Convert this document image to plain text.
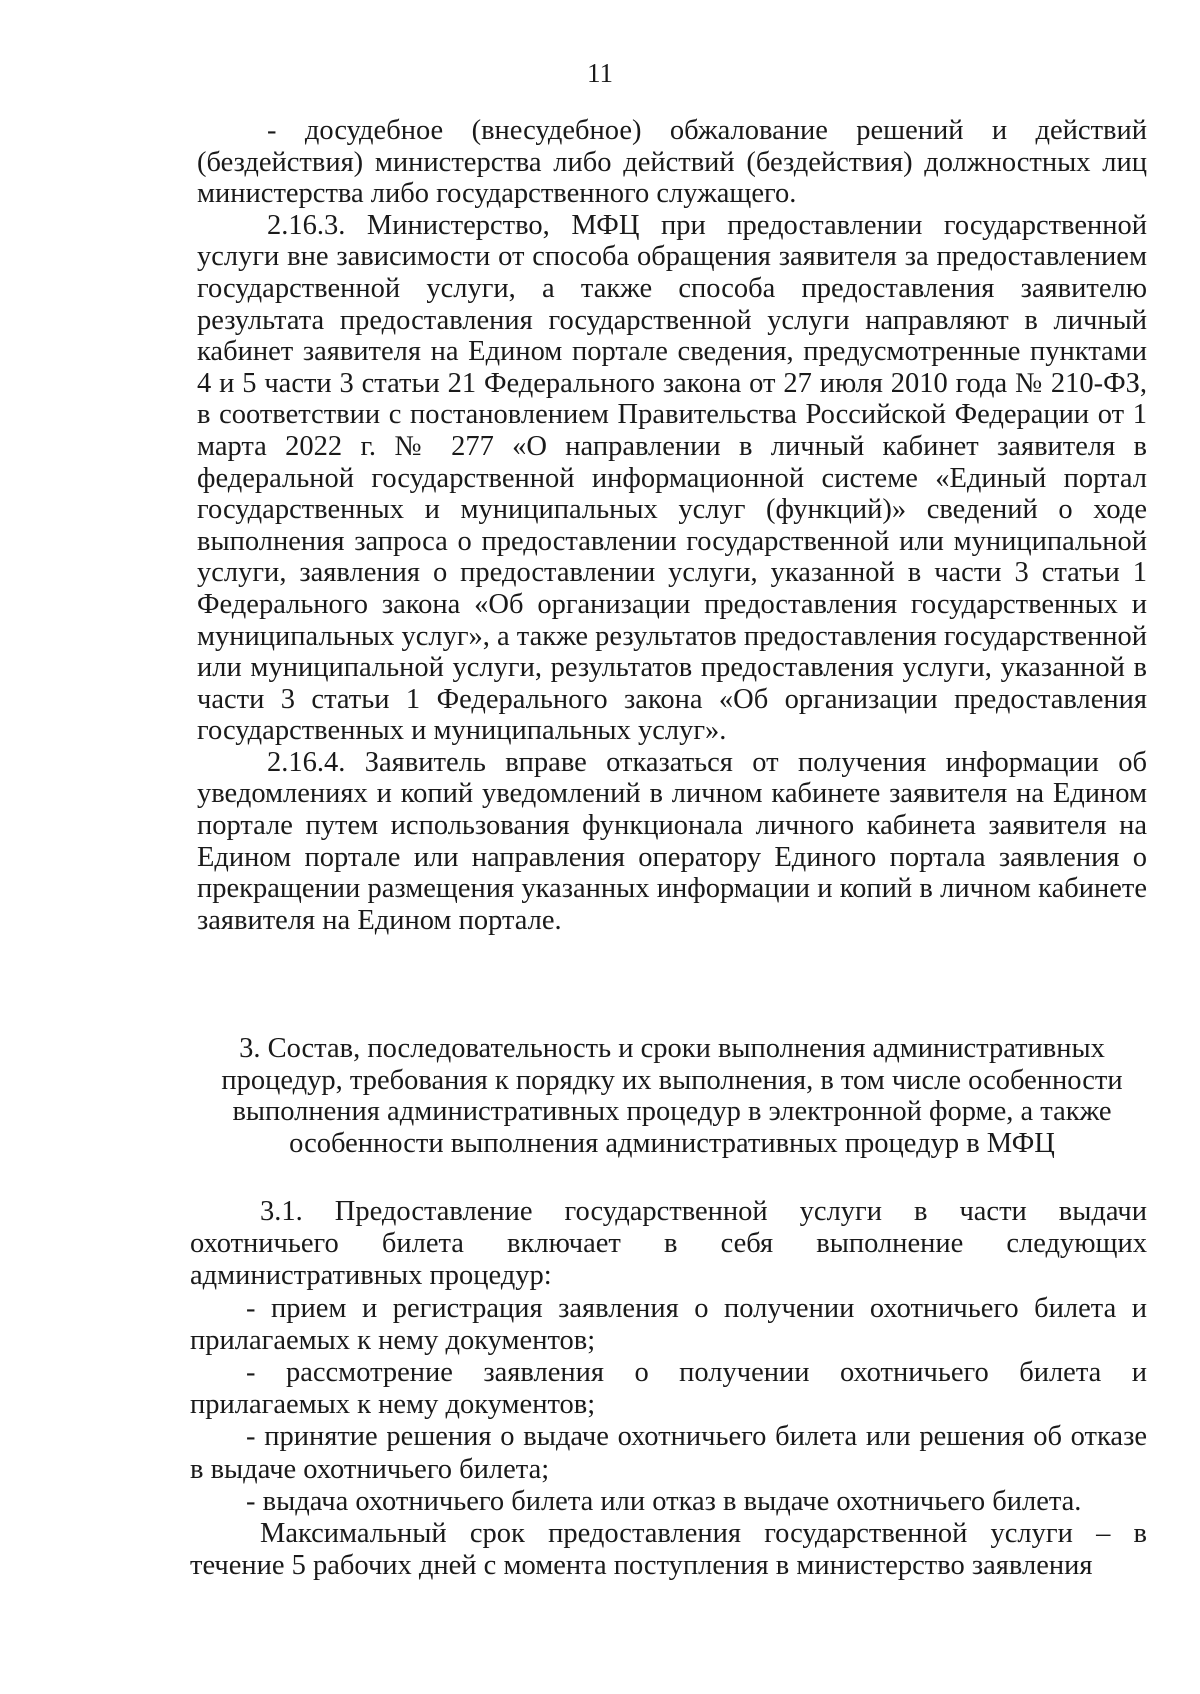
11

- досудебное (внесудебное) обжалование решений и действий (бездействия) министерства либо действий (бездействия) должностных лиц министерства либо государственного служащего.

2.16.3. Министерство, МФЦ при предоставлении государственной услуги вне зависимости от способа обращения заявителя за предоставлением государственной услуги, а также способа предоставления заявителю результата предоставления государственной услуги направляют в личный кабинет заявителя на Едином портале сведения, предусмотренные пунктами 4 и 5 части 3 статьи 21 Федерального закона от 27 июля 2010 года № 210-ФЗ, в соответствии с постановлением Правительства Российской Федерации от 1 марта 2022 г. № 277 «О направлении в личный кабинет заявителя в федеральной государственной информационной системе «Единый портал государственных и муниципальных услуг (функций)» сведений о ходе выполнения запроса о предоставлении государственной или муниципальной услуги, заявления о предоставлении услуги, указанной в части 3 статьи 1 Федерального закона «Об организации предоставления государственных и муниципальных услуг», а также результатов предоставления государственной или муниципальной услуги, результатов предоставления услуги, указанной в части 3 статьи 1 Федерального закона «Об организации предоставления государственных и муниципальных услуг».

2.16.4. Заявитель вправе отказаться от получения информации об уведомлениях и копий уведомлений в личном кабинете заявителя на Едином портале путем использования функционала личного кабинета заявителя на Едином портале или направления оператору Единого портала заявления о прекращении размещения указанных информации и копий в личном кабинете заявителя на Едином портале.

3. Состав, последовательность и сроки выполнения административных процедур, требования к порядку их выполнения, в том числе особенности выполнения административных процедур в электронной форме, а также особенности выполнения административных процедур в МФЦ

3.1. Предоставление государственной услуги в части выдачи охотничьего билета включает в себя выполнение следующих административных процедур:

- прием и регистрация заявления о получении охотничьего билета и прилагаемых к нему документов;

- рассмотрение заявления о получении охотничьего билета и прилагаемых к нему документов;

- принятие решения о выдаче охотничьего билета или решения об отказе в выдаче охотничьего билета;

- выдача охотничьего билета или отказ в выдаче охотничьего билета.

Максимальный срок предоставления государственной услуги – в течение 5 рабочих дней с момента поступления в министерство заявления
